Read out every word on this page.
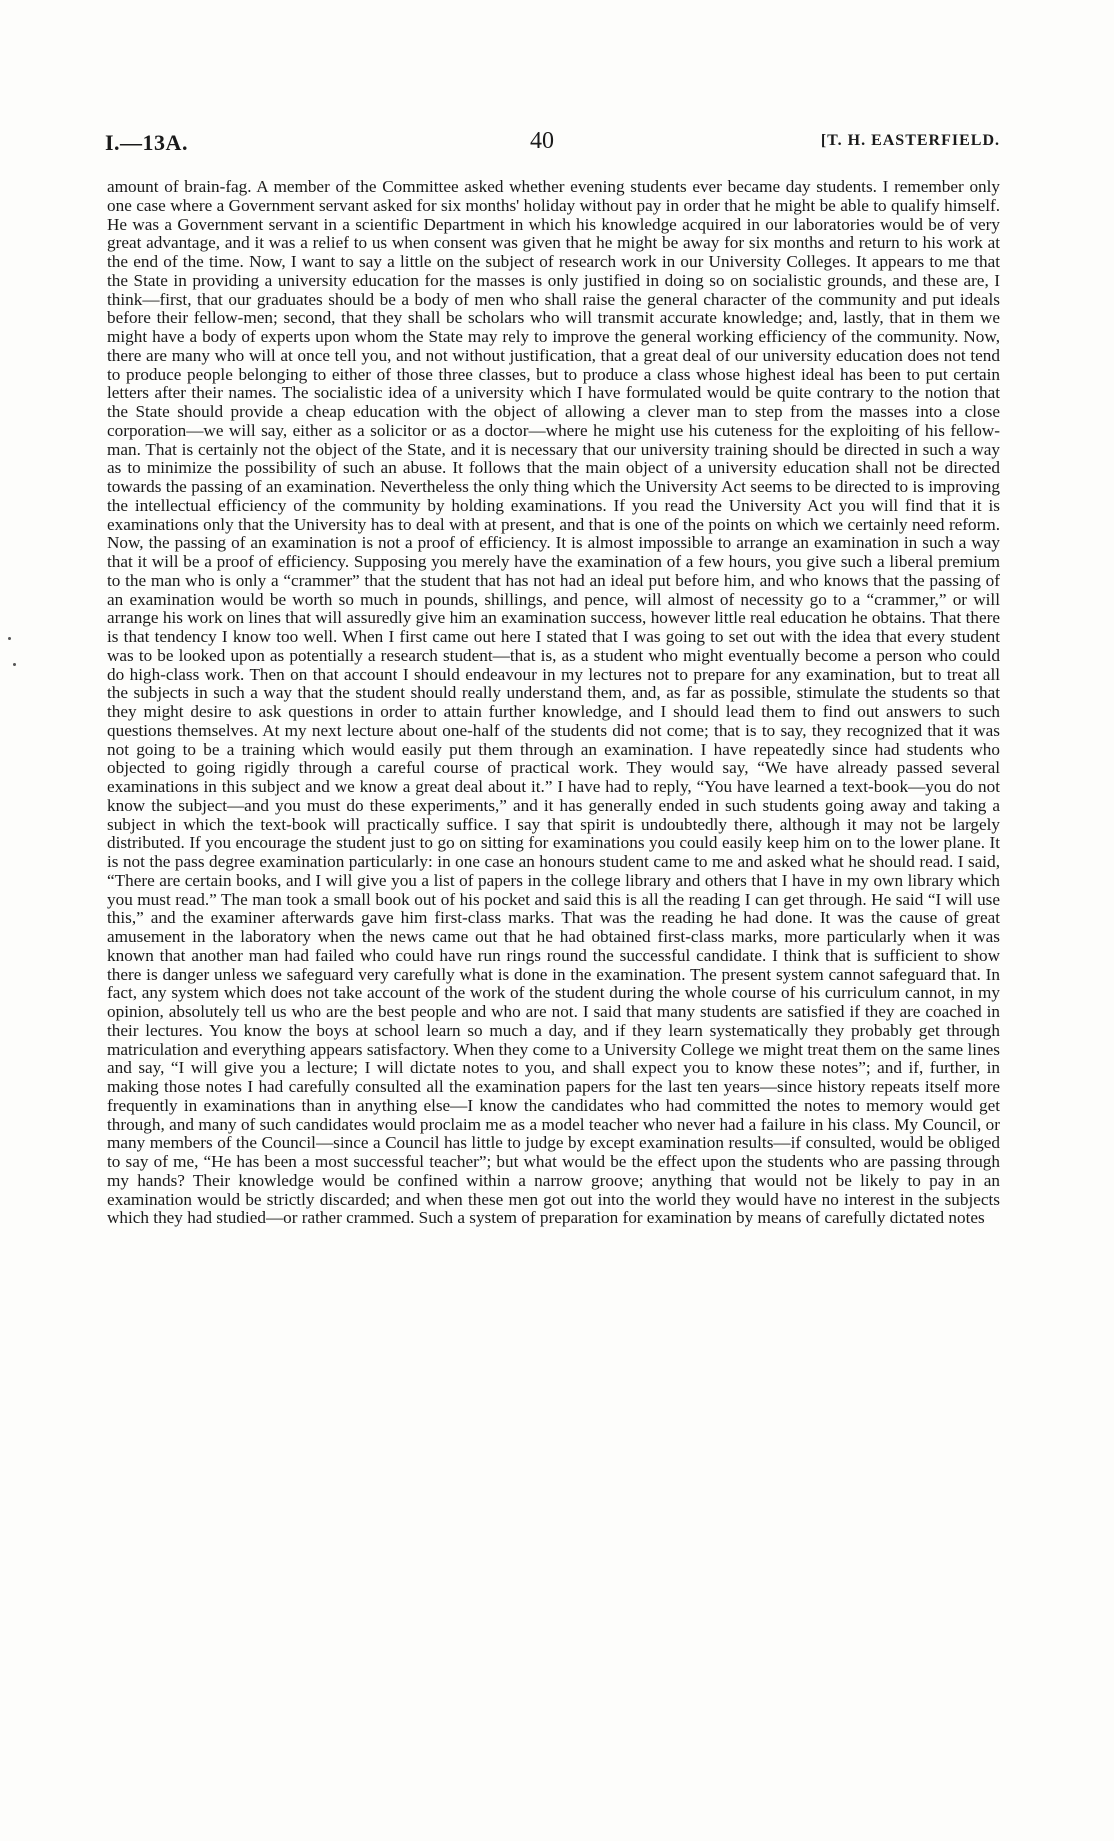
I.—13A.	40	[T. H. EASTERFIELD.

amount of brain-fag. A member of the Committee asked whether evening students ever became day students. I remember only one case where a Government servant asked for six months' holiday without pay in order that he might be able to qualify himself. He was a Government servant in a scientific Department in which his knowledge acquired in our laboratories would be of very great advantage, and it was a relief to us when consent was given that he might be away for six months and return to his work at the end of the time. Now, I want to say a little on the subject of research work in our University Colleges. It appears to me that the State in providing a university education for the masses is only justified in doing so on socialistic grounds, and these are, I think—first, that our graduates should be a body of men who shall raise the general character of the community and put ideals before their fellow-men; second, that they shall be scholars who will transmit accurate knowledge; and, lastly, that in them we might have a body of experts upon whom the State may rely to improve the general working efficiency of the community. Now, there are many who will at once tell you, and not without justification, that a great deal of our university education does not tend to produce people belonging to either of those three classes, but to produce a class whose highest ideal has been to put certain letters after their names. The socialistic idea of a university which I have formulated would be quite contrary to the notion that the State should provide a cheap education with the object of allowing a clever man to step from the masses into a close corporation—we will say, either as a solicitor or as a doctor—where he might use his cuteness for the exploiting of his fellow-man. That is certainly not the object of the State, and it is necessary that our university training should be directed in such a way as to minimize the possibility of such an abuse. It follows that the main object of a university education shall not be directed towards the passing of an examination. Nevertheless the only thing which the University Act seems to be directed to is improving the intellectual efficiency of the community by holding examinations. If you read the University Act you will find that it is examinations only that the University has to deal with at present, and that is one of the points on which we certainly need reform. Now, the passing of an examination is not a proof of efficiency. It is almost impossible to arrange an examination in such a way that it will be a proof of efficiency. Supposing you merely have the examination of a few hours, you give such a liberal premium to the man who is only a “crammer” that the student that has not had an ideal put before him, and who knows that the passing of an examination would be worth so much in pounds, shillings, and pence, will almost of necessity go to a “crammer,” or will arrange his work on lines that will assuredly give him an examination success, however little real education he obtains. That there is that tendency I know too well. When I first came out here I stated that I was going to set out with the idea that every student was to be looked upon as potentially a research student—that is, as a student who might eventually become a person who could do high-class work. Then on that account I should endeavour in my lectures not to prepare for any examination, but to treat all the subjects in such a way that the student should really understand them, and, as far as possible, stimulate the students so that they might desire to ask questions in order to attain further knowledge, and I should lead them to find out answers to such questions themselves. At my next lecture about one-half of the students did not come; that is to say, they recognized that it was not going to be a training which would easily put them through an examination. I have repeatedly since had students who objected to going rigidly through a careful course of practical work. They would say, “We have already passed several examinations in this subject and we know a great deal about it.” I have had to reply, “You have learned a text-book—you do not know the subject—and you must do these experiments,” and it has generally ended in such students going away and taking a subject in which the text-book will practically suffice. I say that spirit is undoubtedly there, although it may not be largely distributed. If you encourage the student just to go on sitting for examinations you could easily keep him on to the lower plane. It is not the pass degree examination particularly: in one case an honours student came to me and asked what he should read. I said, “There are certain books, and I will give you a list of papers in the college library and others that I have in my own library which you must read.” The man took a small book out of his pocket and said this is all the reading I can get through. He said “I will use this,” and the examiner afterwards gave him first-class marks. That was the reading he had done. It was the cause of great amusement in the laboratory when the news came out that he had obtained first-class marks, more particularly when it was known that another man had failed who could have run rings round the successful candidate. I think that is sufficient to show there is danger unless we safeguard very carefully what is done in the examination. The present system cannot safeguard that. In fact, any system which does not take account of the work of the student during the whole course of his curriculum cannot, in my opinion, absolutely tell us who are the best people and who are not. I said that many students are satisfied if they are coached in their lectures. You know the boys at school learn so much a day, and if they learn systematically they probably get through matriculation and everything appears satisfactory. When they come to a University College we might treat them on the same lines and say, “I will give you a lecture; I will dictate notes to you, and shall expect you to know these notes”; and if, further, in making those notes I had carefully consulted all the examination papers for the last ten years—since history repeats itself more frequently in examinations than in anything else—I know the candidates who had committed the notes to memory would get through, and many of such candidates would proclaim me as a model teacher who never had a failure in his class. My Council, or many members of the Council—since a Council has little to judge by except examination results—if consulted, would be obliged to say of me, “He has been a most successful teacher”; but what would be the effect upon the students who are passing through my hands? Their knowledge would be confined within a narrow groove; anything that would not be likely to pay in an examination would be strictly discarded; and when these men got out into the world they would have no interest in the subjects which they had studied—or rather crammed. Such a system of preparation for examination by means of carefully dictated notes
